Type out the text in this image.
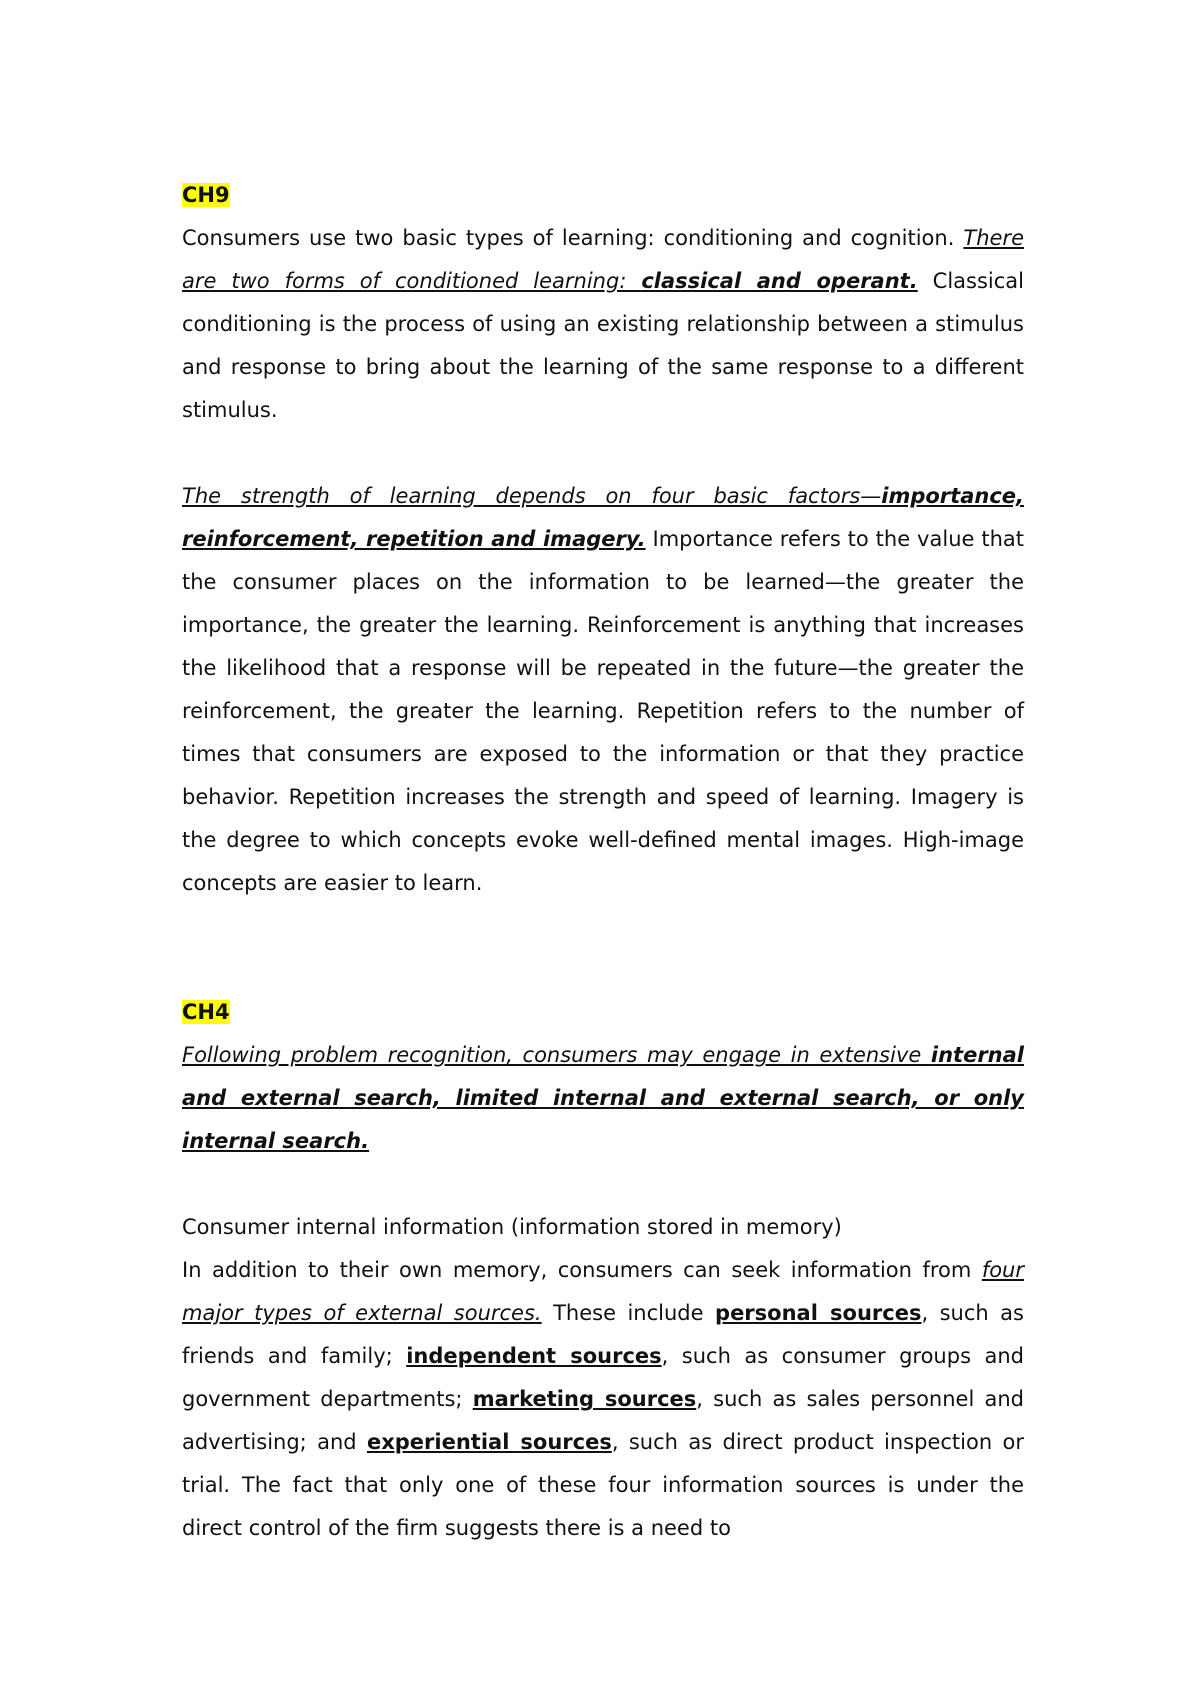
CH9

Consumers use two basic types of learning: conditioning and cognition. There are two forms of conditioned learning: classical and operant. Classical conditioning is the process of using an existing relationship between a stimulus and response to bring about the learning of the same response to a different stimulus.

The strength of learning depends on four basic factors—importance, reinforcement, repetition and imagery. Importance refers to the value that the consumer places on the information to be learned—the greater the importance, the greater the learning. Reinforcement is anything that increases the likelihood that a response will be repeated in the future—the greater the reinforcement, the greater the learning. Repetition refers to the number of times that consumers are exposed to the information or that they practice behavior. Repetition increases the strength and speed of learning. Imagery is the degree to which concepts evoke well-defined mental images. High-image concepts are easier to learn.

CH4

Following problem recognition, consumers may engage in extensive internal and external search, limited internal and external search, or only internal search.

Consumer internal information (information stored in memory)

In addition to their own memory, consumers can seek information from four major types of external sources. These include personal sources, such as friends and family; independent sources, such as consumer groups and government departments; marketing sources, such as sales personnel and advertising; and experiential sources, such as direct product inspection or trial. The fact that only one of these four information sources is under the direct control of the firm suggests there is a need to
